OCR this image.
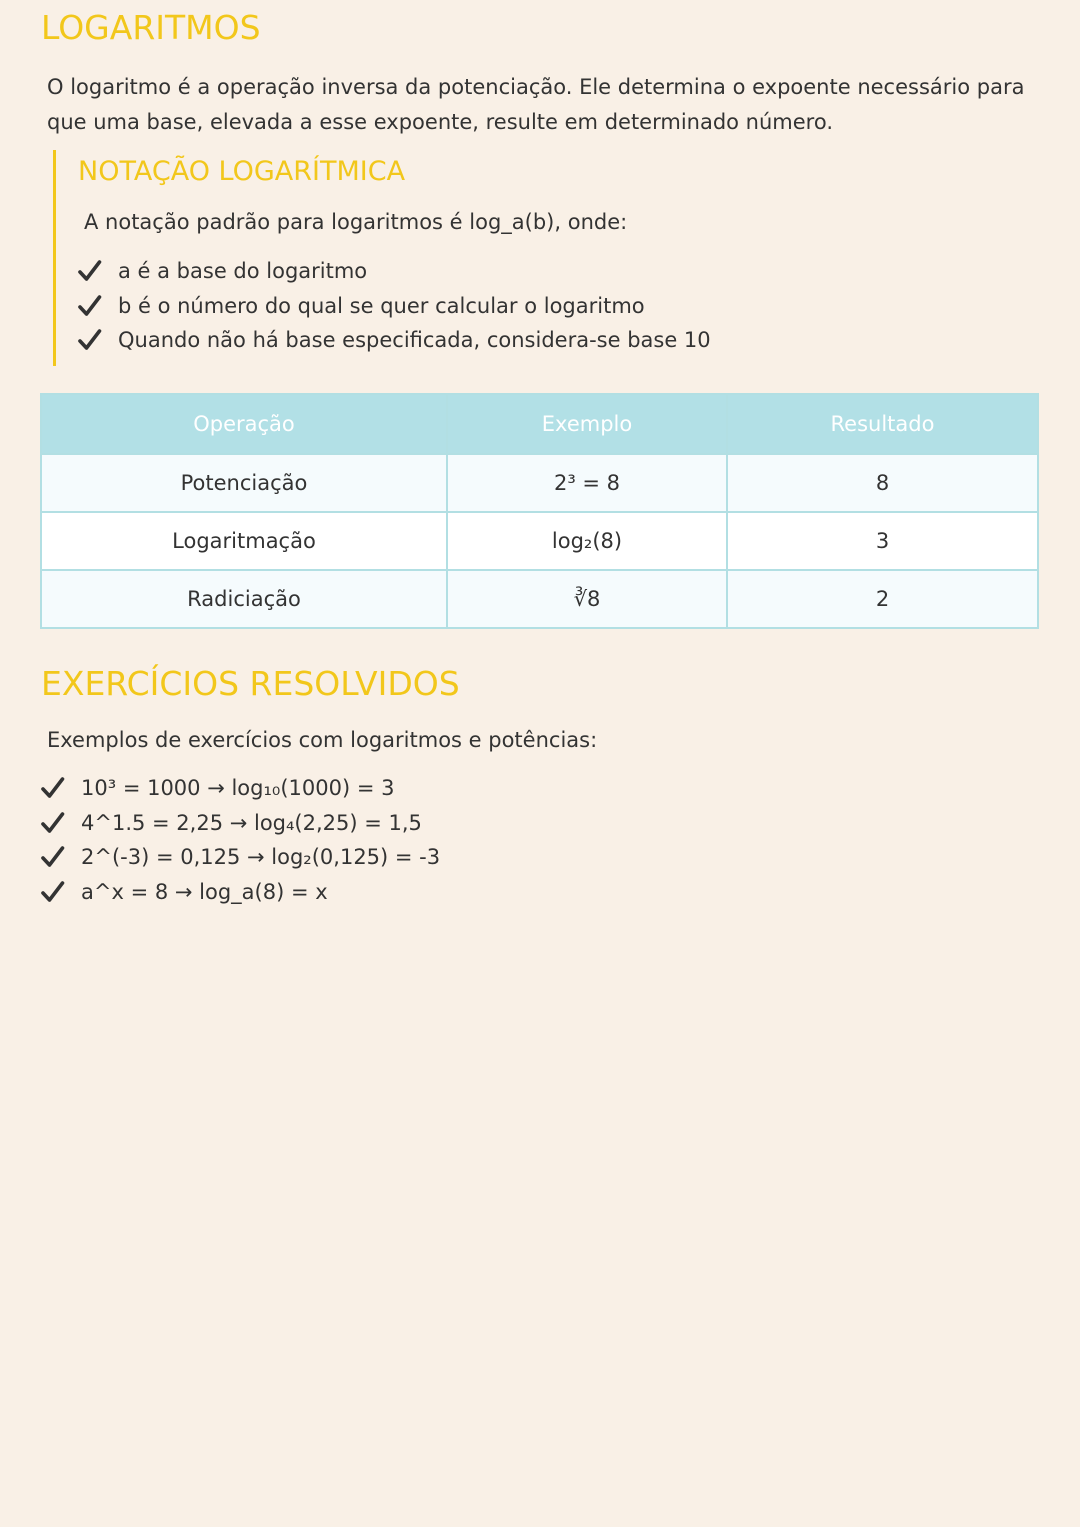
LOGARITMOS

O logaritmo é a operação inversa da potenciação. Ele determina o expoente necessário para que uma base, elevada a esse expoente, resulte em determinado número.

NOTAÇÃO LOGARÍTMICA

A notação padrão para logaritmos é log_a(b), onde:

a é a base do logaritmo
b é o número do qual se quer calcular o logaritmo
Quando não há base especificada, considera-se base 10
Operação	Exemplo	Resultado
Potenciação	2³ = 8	8
Logaritmação	log₂(8)	3
Radiciação	∛8	2
EXERCÍCIOS RESOLVIDOS

Exemplos de exercícios com logaritmos e potências:

10³ = 1000 → log₁₀(1000) = 3
4^1.5 = 2,25 → log₄(2,25) = 1,5
2^(-3) = 0,125 → log₂(0,125) = -3
a^x = 8 → log_a(8) = x
